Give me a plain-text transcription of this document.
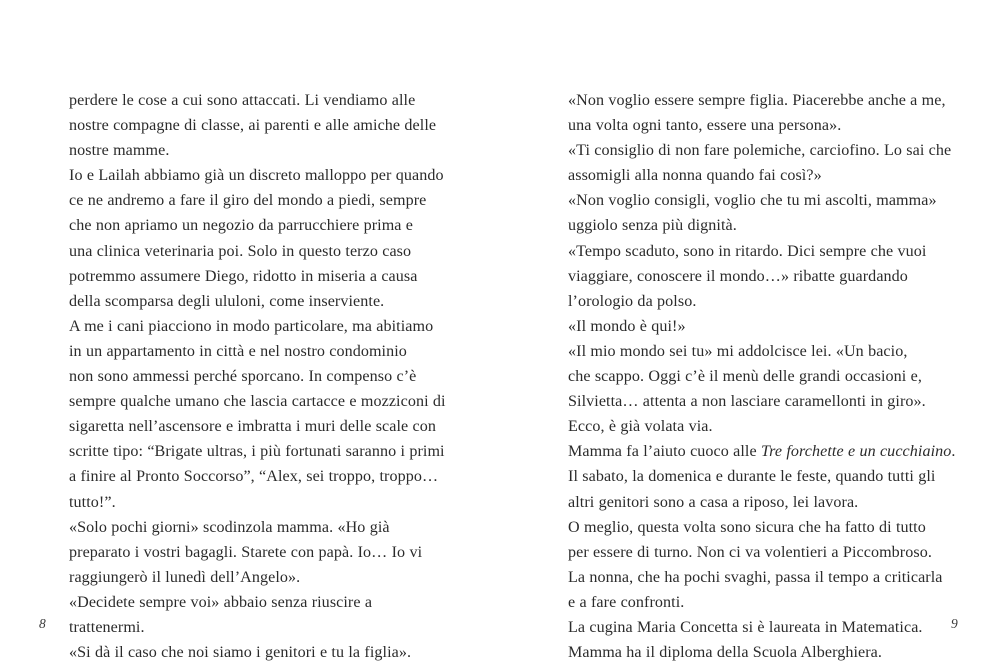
perdere le cose a cui sono attaccati. Li vendiamo alle
nostre compagne di classe, ai parenti e alle amiche delle
nostre mamme.
Io e Lailah abbiamo già un discreto malloppo per quando
ce ne andremo a fare il giro del mondo a piedi, sempre
che non apriamo un negozio da parrucchiere prima e
una clinica veterinaria poi. Solo in questo terzo caso
potremmo assumere Diego, ridotto in miseria a causa
della scomparsa degli ululoni, come inserviente.
A me i cani piacciono in modo particolare, ma abitiamo
in un appartamento in città e nel nostro condominio
non sono ammessi perché sporcano. In compenso c’è
sempre qualche umano che lascia cartacce e mozziconi di
sigaretta nell’ascensore e imbratta i muri delle scale con
scritte tipo: “Brigate ultras, i più fortunati saranno i primi
a finire al Pronto Soccorso”, “Alex, sei troppo, troppo…
tutto!”.
«Solo pochi giorni» scodinzola mamma. «Ho già
preparato i vostri bagagli. Starete con papà. Io… Io vi
raggiungerò il lunedì dell’Angelo».
«Decidete sempre voi» abbaio senza riuscire a
trattenermi.
«Si dà il caso che noi siamo i genitori e tu la figlia».

8

«Non voglio essere sempre figlia. Piacerebbe anche a me,
una volta ogni tanto, essere una persona».
«Ti consiglio di non fare polemiche, carciofino. Lo sai che
assomigli alla nonna quando fai così?»
«Non voglio consigli, voglio che tu mi ascolti, mamma»
uggiolo senza più dignità.
«Tempo scaduto, sono in ritardo. Dici sempre che vuoi
viaggiare, conoscere il mondo…» ribatte guardando
l’orologio da polso.
«Il mondo è qui!»
«Il mio mondo sei tu» mi addolcisce lei. «Un bacio,
che scappo. Oggi c’è il menù delle grandi occasioni e,
Silvietta… attenta a non lasciare caramellonti in giro».
Ecco, è già volata via.

Mamma fa l’aiuto cuoco alle Tre forchette e un cucchiaino.

Il sabato, la domenica e durante le feste, quando tutti gli
altri genitori sono a casa a riposo, lei lavora.
O meglio, questa volta sono sicura che ha fatto di tutto
per essere di turno. Non ci va volentieri a Piccombroso.
La nonna, che ha pochi svaghi, passa il tempo a criticarla
e a fare confronti.
La cugina Maria Concetta si è laureata in Matematica.
Mamma ha il diploma della Scuola Alberghiera.

9
